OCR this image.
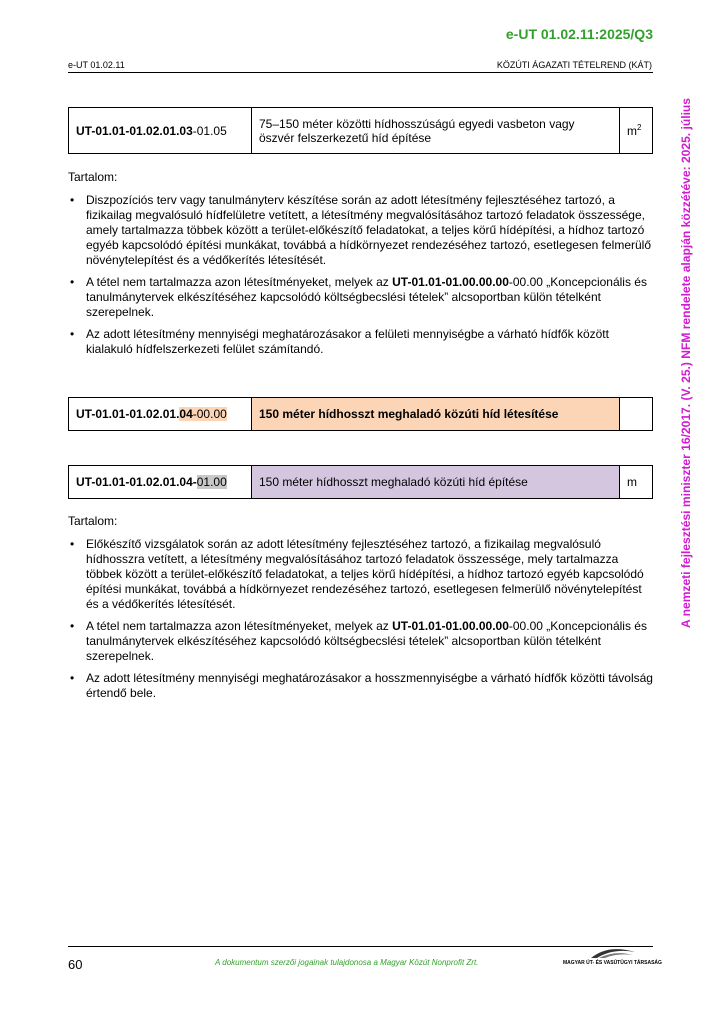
e-UT 01.02.11:2025/Q3
e-UT 01.02.11	KÖZÚTI ÁGAZATI TÉTELREND (KÁT)
A nemzeti fejlesztési miniszter 16/2017. (V. 25.) NFM rendelete alapján közzétéve: 2025. július
UT-01.01-01.02.01.03-01.05	75–150 méter közötti hídhosszúságú egyedi vasbeton vagy
öszvér felszerkezetű híd építése	$m^2$
Tartalom:
• Diszpozíciós terv vagy tanulmányterv készítése során az adott létesítmény fejlesztéséhez tartozó, a fizikailag megvalósuló hídfelületre vetített, a létesítmény megvalósításához tartozó feladatok összessége, amely tartalmazza többek között a terület-előkészítő feladatokat, a teljes körű hídépítési, a hídhoz tartozó egyéb kapcsolódó építési munkákat, továbbá a hídkörnyezet rendezéséhez tartozó, esetlegesen felmerülő növénytelepítést és a védőkerítés létesítését.
• A tétel nem tartalmazza azon létesítményeket, melyek az UT-01.01-01.00.00.00-00.00 „Koncepcionális és tanulmánytervek elkészítéséhez kapcsolódó költségbecslési tételek” alcsoportban külön tételként szerepelnek.
• Az adott létesítmény mennyiségi meghatározásakor a felületi mennyiségbe a várható hídfők között kialakuló hídfelszerkezeti felület számítandó.
UT-01.01-01.02.01.04-00.00	150 méter hídhosszt meghaladó közúti híd létesítése	
UT-01.01-01.02.01.04-01.00	150 méter hídhosszt meghaladó közúti híd építése	m
Tartalom:
• Előkészítő vizsgálatok során az adott létesítmény fejlesztéséhez tartozó, a fizikailag megvalósuló hídhosszra vetített, a létesítmény megvalósításához tartozó feladatok összessége, mely tartalmazza többek között a terület-előkészítő feladatokat, a teljes körű hídépítési, a hídhoz tartozó egyéb kapcsolódó építési munkákat, továbbá a hídkörnyezet rendezéséhez tartozó, esetlegesen felmerülő növénytelepítést és a védőkerítés létesítését.
• A tétel nem tartalmazza azon létesítményeket, melyek az UT-01.01-01.00.00.00-00.00 „Koncepcionális és tanulmánytervek elkészítéséhez kapcsolódó költségbecslési tételek” alcsoportban külön tételként szerepelnek.
• Az adott létesítmény mennyiségi meghatározásakor a hosszmennyiségbe a várható hídfők közötti távolság értendő bele.
60	A dokumentum szerzői jogainak tulajdonosa a Magyar Közút Nonprofit Zrt.	MAGYAR ÚT- ÉS VASÚTÜGYI TÁRSASÁG
